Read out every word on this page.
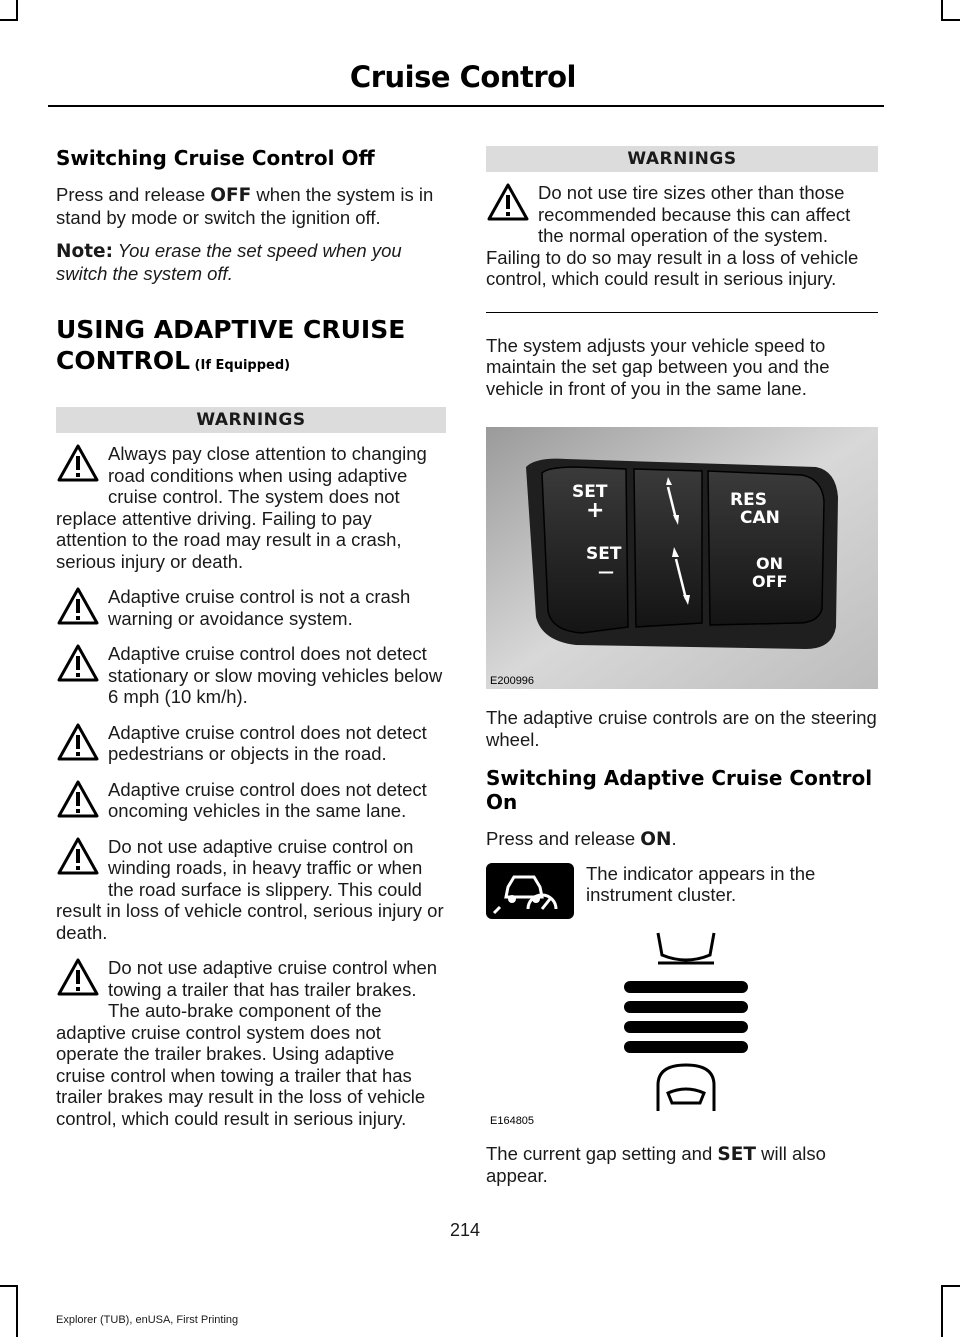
Cruise Control
Switching Cruise Control Off

Press and release OFF when the system is in stand by mode or switch the ignition off.

Note: You erase the set speed when you switch the system off.

USING ADAPTIVE CRUISE CONTROL (If Equipped)
WARNINGS
Always pay close attention to changing road conditions when using adaptive cruise control. The system does not replace attentive driving. Failing to pay attention to the road may result in a crash, serious injury or death.
Adaptive cruise control is not a crash warning or avoidance system.
Adaptive cruise control does not detect stationary or slow moving vehicles below 6 mph (10 km/h).
Adaptive cruise control does not detect pedestrians or objects in the road.
Adaptive cruise control does not detect oncoming vehicles in the same lane.
Do not use adaptive cruise control on winding roads, in heavy traffic or when the road surface is slippery. This could result in loss of vehicle control, serious injury or death.
Do not use adaptive cruise control when towing a trailer that has trailer brakes. The auto-brake component of the adaptive cruise control system does not operate the trailer brakes. Using adaptive cruise control when towing a trailer that has trailer brakes may result in the loss of vehicle control, which could result in serious injury.
WARNINGS
Do not use tire sizes other than those recommended because this can affect the normal operation of the system. Failing to do so may result in a loss of vehicle control, which could result in serious injury.

The system adjusts your vehicle speed to maintain the set gap between you and the vehicle in front of you in the same lane.

SET
+
SET
—
RES
CAN
ON
OFF
E200996

The adaptive cruise controls are on the steering wheel.

Switching Adaptive Cruise Control On

Press and release ON.

The indicator appears in the instrument cluster.
E164805

The current gap setting and SET will also appear.

214
Explorer (TUB), enUSA, First Printing
